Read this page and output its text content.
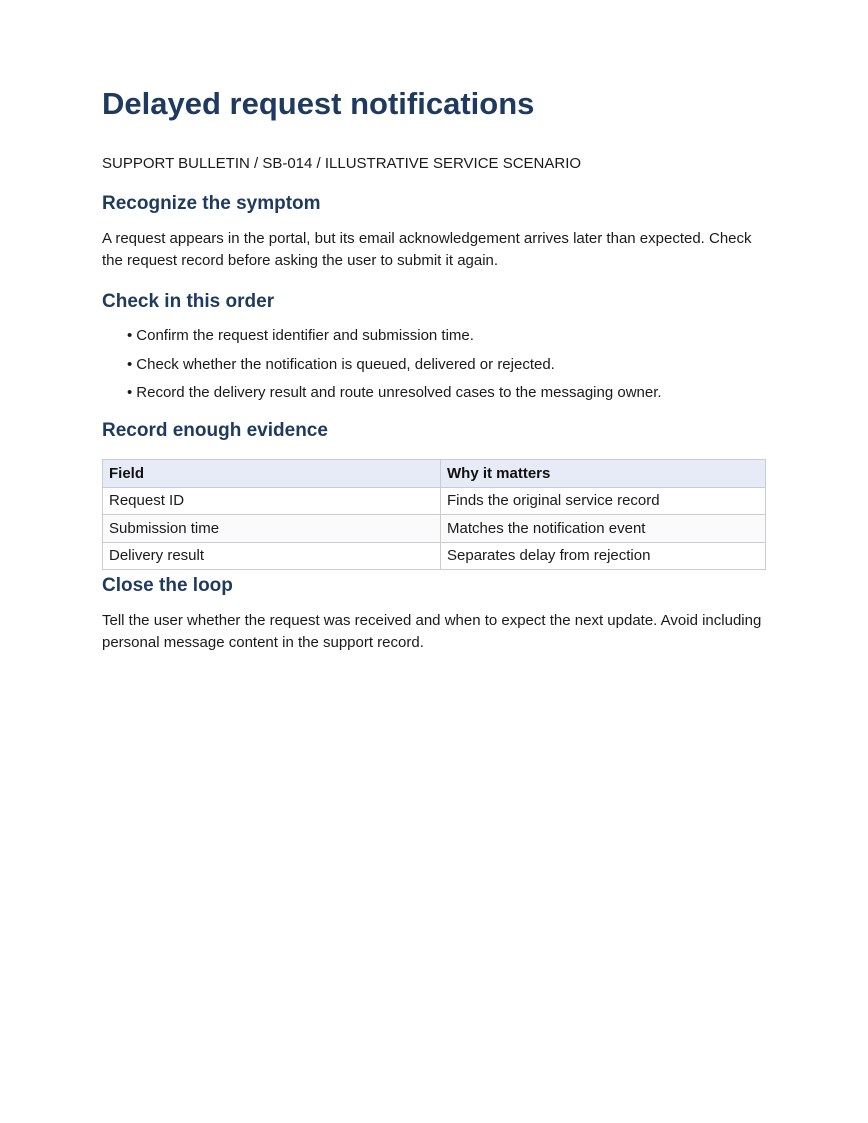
Delayed request notifications

SUPPORT BULLETIN / SB-014 / ILLUSTRATIVE SERVICE SCENARIO

Recognize the symptom

A request appears in the portal, but its email acknowledgement arrives later than expected. Check the request record before asking the user to submit it again.

Check in this order
• Confirm the request identifier and submission time.
• Check whether the notification is queued, delivered or rejected.
• Record the delivery result and route unresolved cases to the messaging owner.
Record enough evidence
Field	Why it matters
Request ID	Finds the original service record
Submission time	Matches the notification event
Delivery result	Separates delay from rejection
Close the loop

Tell the user whether the request was received and when to expect the next update. Avoid including personal message content in the support record.
